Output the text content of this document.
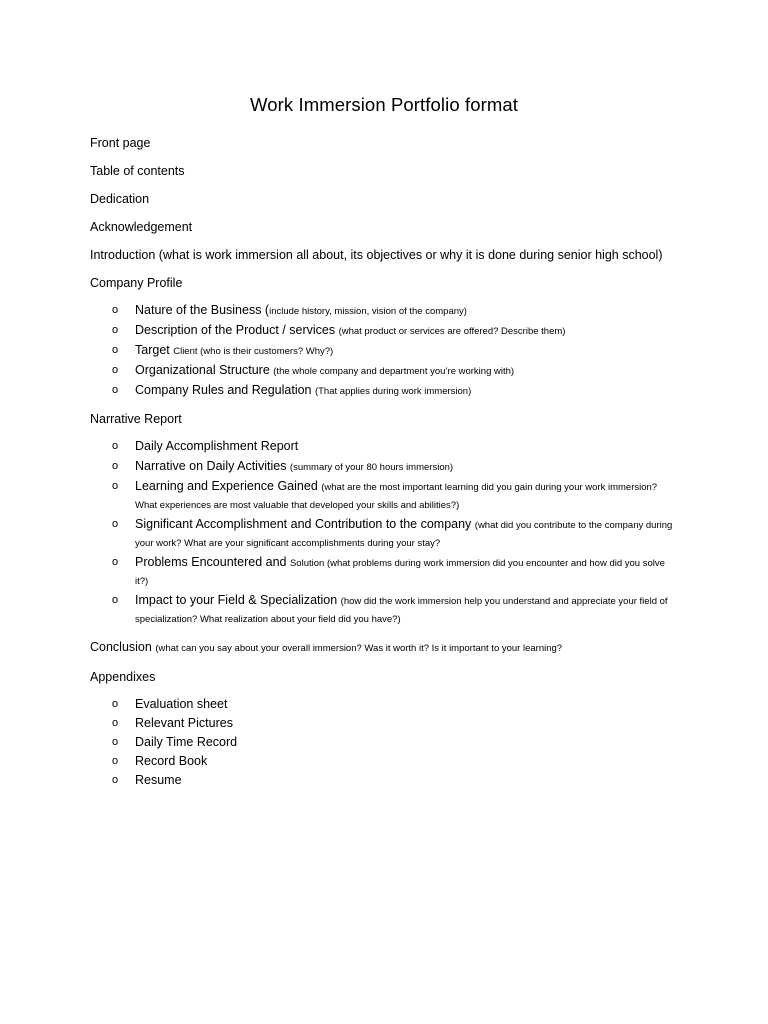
Work Immersion Portfolio format

Front page

Table of contents

Dedication

Acknowledgement

Introduction (what is work immersion all about, its objectives or why it is done during senior high school)

Company Profile

o Nature of the Business (include history, mission, vision of the company)
o Description of the Product / services (what product or services are offered? Describe them)
o Target Client (who is their customers? Why?)
o Organizational Structure (the whole company and department you’re working with)
o Company Rules and Regulation (That applies during work immersion)

Narrative Report

o Daily Accomplishment Report
o Narrative on Daily Activities (summary of your 80 hours immersion)
o Learning and Experience Gained (what are the most important learning did you gain during your work immersion? What experiences are most valuable that developed your skills and abilities?)
o Significant Accomplishment and Contribution to the company (what did you contribute to the company during your work? What are your significant accomplishments during your stay?
o Problems Encountered and Solution (what problems during work immersion did you encounter and how did you solve it?)
o Impact to your Field & Specialization (how did the work immersion help you understand and appreciate your field of specialization? What realization about your field did you have?)

Conclusion (what can you say about your overall immersion? Was it worth it? Is it important to your learning?

Appendixes

o Evaluation sheet
o Relevant Pictures
o Daily Time Record
o Record Book
o Resume
